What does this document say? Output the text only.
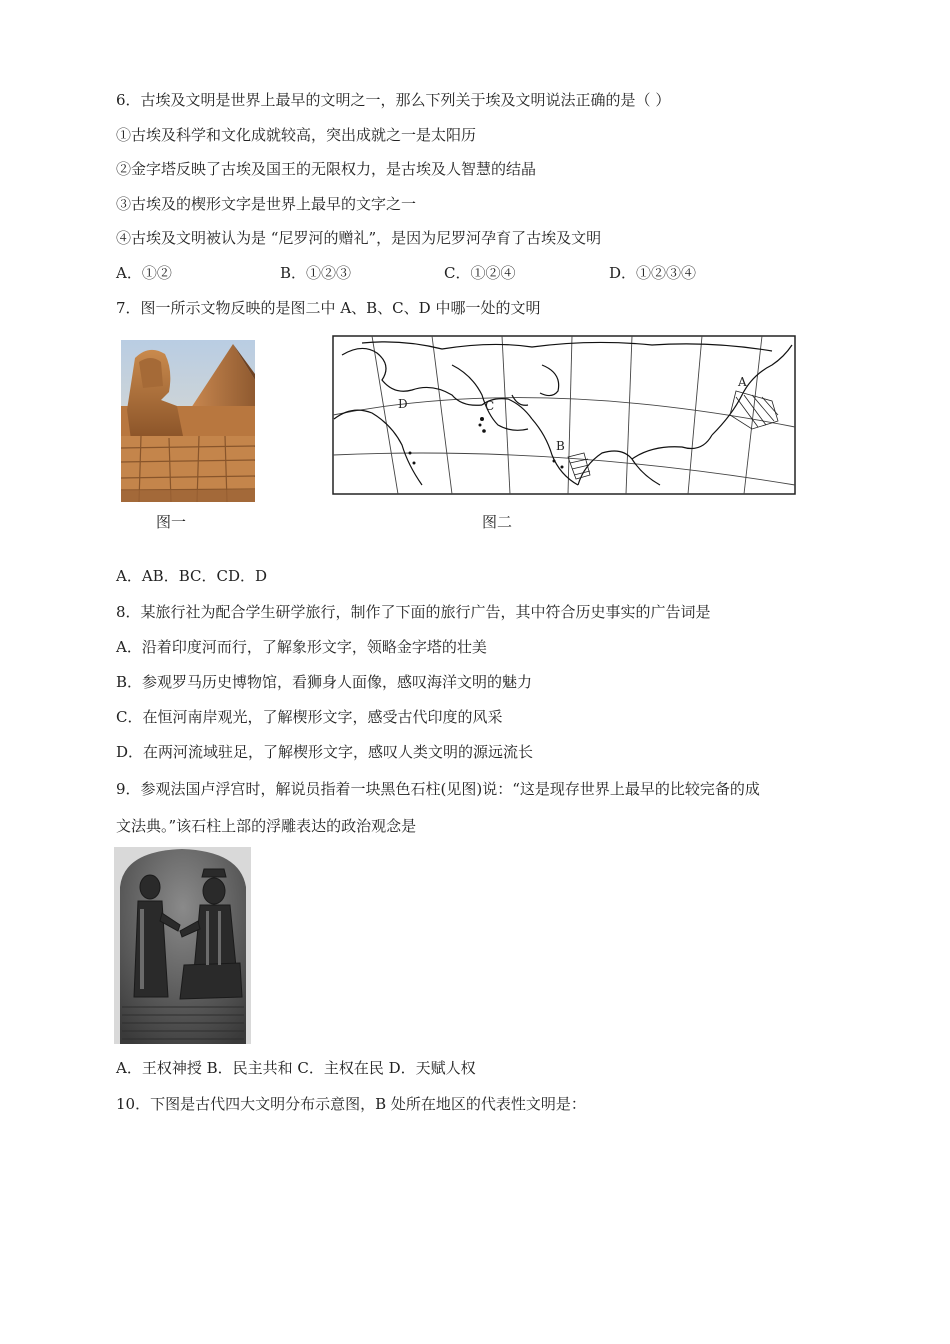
6．古埃及文明是世界上最早的文明之一，那么下列关于埃及文明说法正确的是（ ）
①古埃及科学和文化成就较高，突出成就之一是太阳历
②金字塔反映了古埃及国王的无限权力，是古埃及人智慧的结晶
③古埃及的楔形文字是世界上最早的文字之一
④古埃及文明被认为是 “尼罗河的赠礼”，是因为尼罗河孕育了古埃及文明
A．①②	B．①②③	C．①②④	D．①②③④
7．图一所示文物反映的是图二中 A、B、C、D 中哪一处的文明
图一
A
B
C
D
图二
A．AB．BC．CD．D
8．某旅行社为配合学生研学旅行，制作了下面的旅行广告，其中符合历史事实的广告词是
A．沿着印度河而行，了解象形文字，领略金字塔的壮美
B．参观罗马历史博物馆，看狮身人面像，感叹海洋文明的魅力
C．在恒河南岸观光，了解楔形文字，感受古代印度的风采
D．在两河流域驻足，了解楔形文字，感叹人类文明的源远流长
9．参观法国卢浮宫时，解说员指着一块黑色石柱(见图)说：“这是现存世界上最早的比较完备的成
文法典。”该石柱上部的浮雕表达的政治观念是
A．王权神授 B．民主共和 C．主权在民 D．天赋人权
10．下图是古代四大文明分布示意图，B 处所在地区的代表性文明是：
